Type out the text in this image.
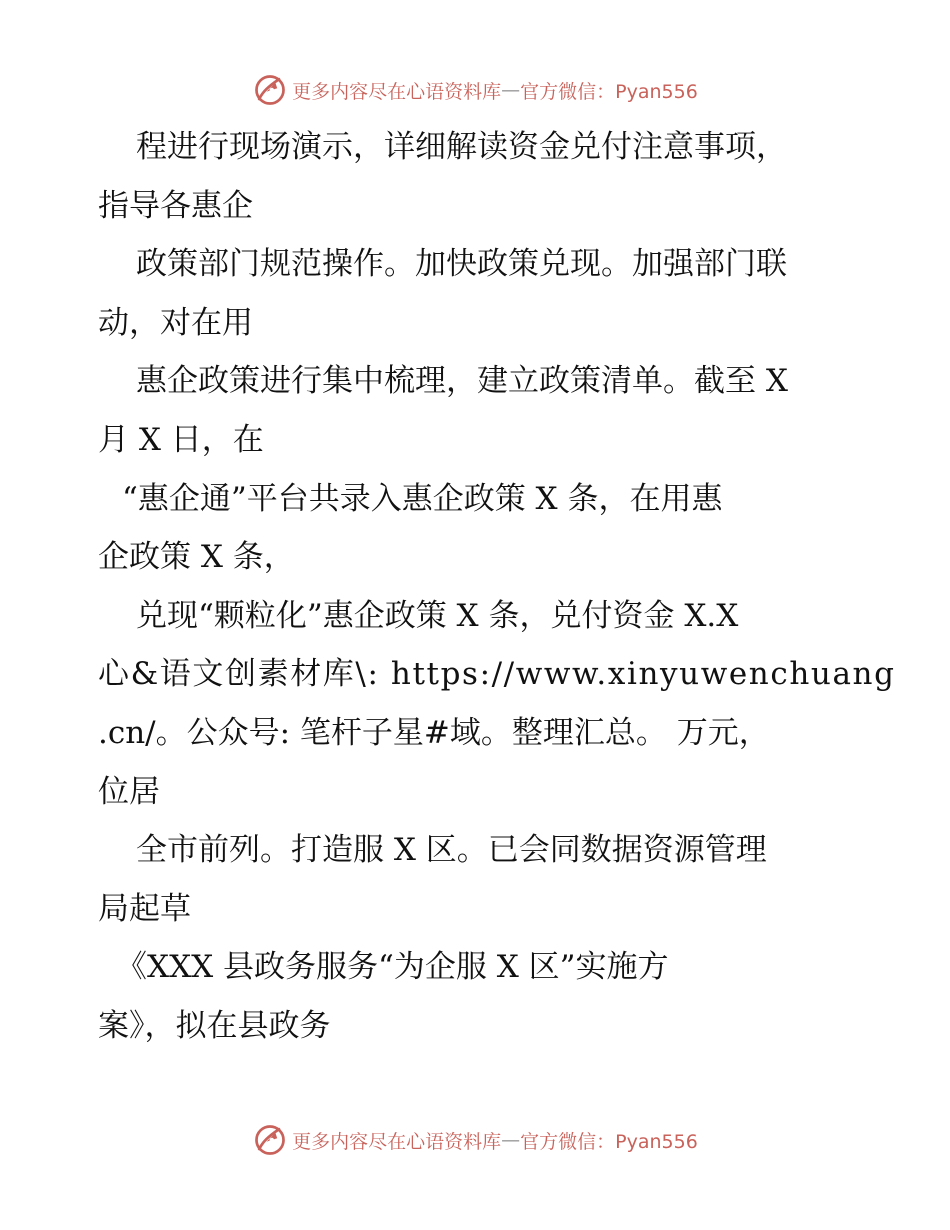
更多内容尽在心语资料库 — 官方微信：Pyan556
程进行现场演示，详细解读资金兑付注意事项，
指导各惠企
政策部门规范操作。加快政策兑现。加强部门联
动，对在用
惠企政策进行集中梳理，建立政策清单。截至 X
月 X 日，在
“惠企通”平台共录入惠企政策 X 条，在用惠
企政策 X 条，
兑现“颗粒化”惠企政策 X 条，兑付资金 X.X
心&语文创素材库\: https://www.xinyuwenchuang
.cn/。公众号: 笔杆子星#域。整理汇总。 万元，
位居
全市前列。打造服 X 区。已会同数据资源管理
局起草
《XXX 县政务服务“为企服 X 区”实施方
案》，拟在县政务
更多内容尽在心语资料库 — 官方微信：Pyan556
